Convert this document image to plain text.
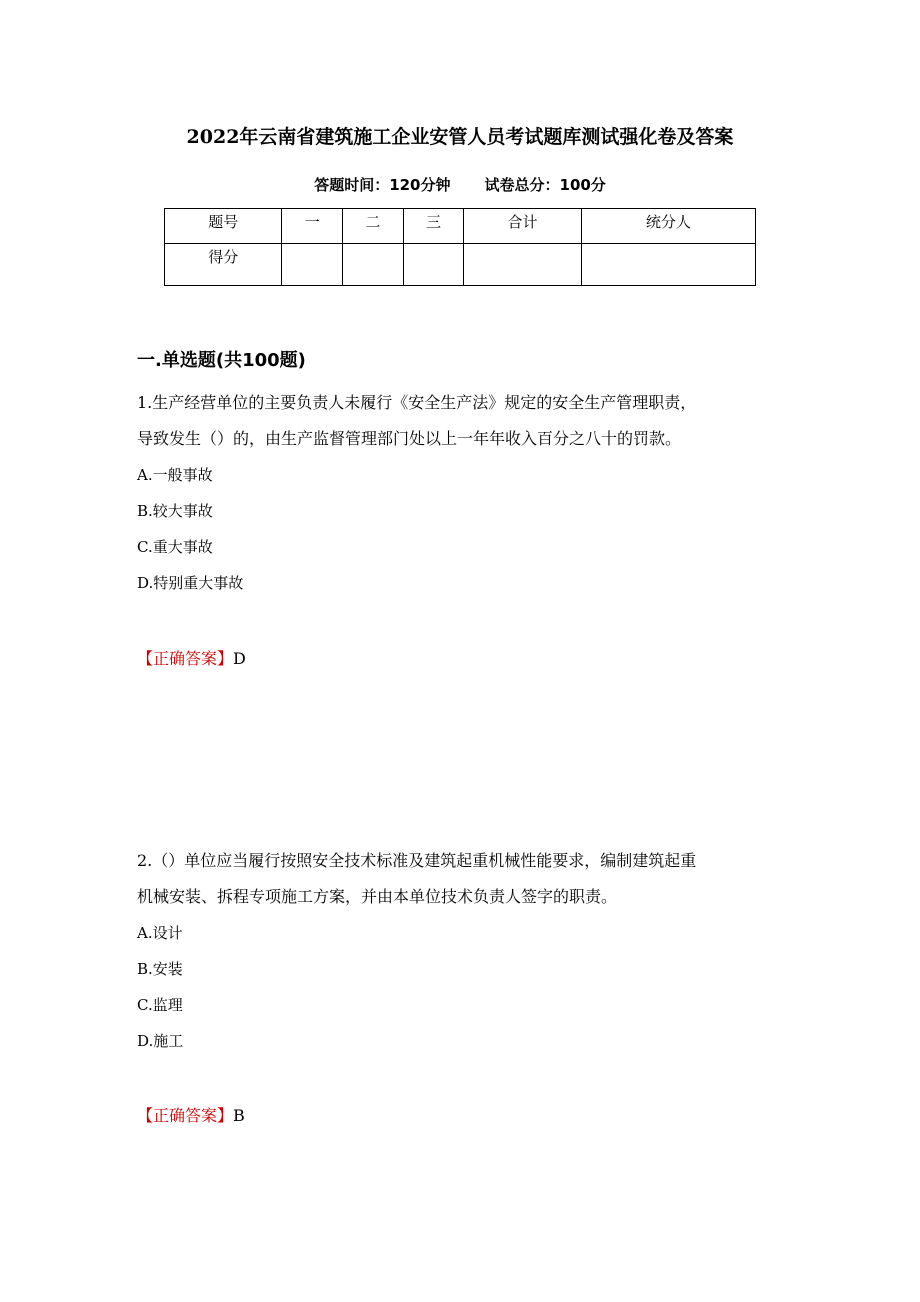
2022年云南省建筑施工企业安管人员考试题库测试强化卷及答案
答题时间：120分钟 试卷总分：100分
题号	一	二	三	合计	统分人
得分					
一.单选题(共100题)

1.生产经营单位的主要负责人未履行《安全生产法》规定的安全生产管理职责，

导致发生（）的，由生产监督管理部门处以上一年年收入百分之八十的罚款。

A.一般事故

B.较大事故

C.重大事故

D.特别重大事故

【正确答案】D

2.（）单位应当履行按照安全技术标准及建筑起重机械性能要求，编制建筑起重

机械安装、拆程专项施工方案，并由本单位技术负责人签字的职责。

A.设计

B.安装

C.监理

D.施工

【正确答案】B
